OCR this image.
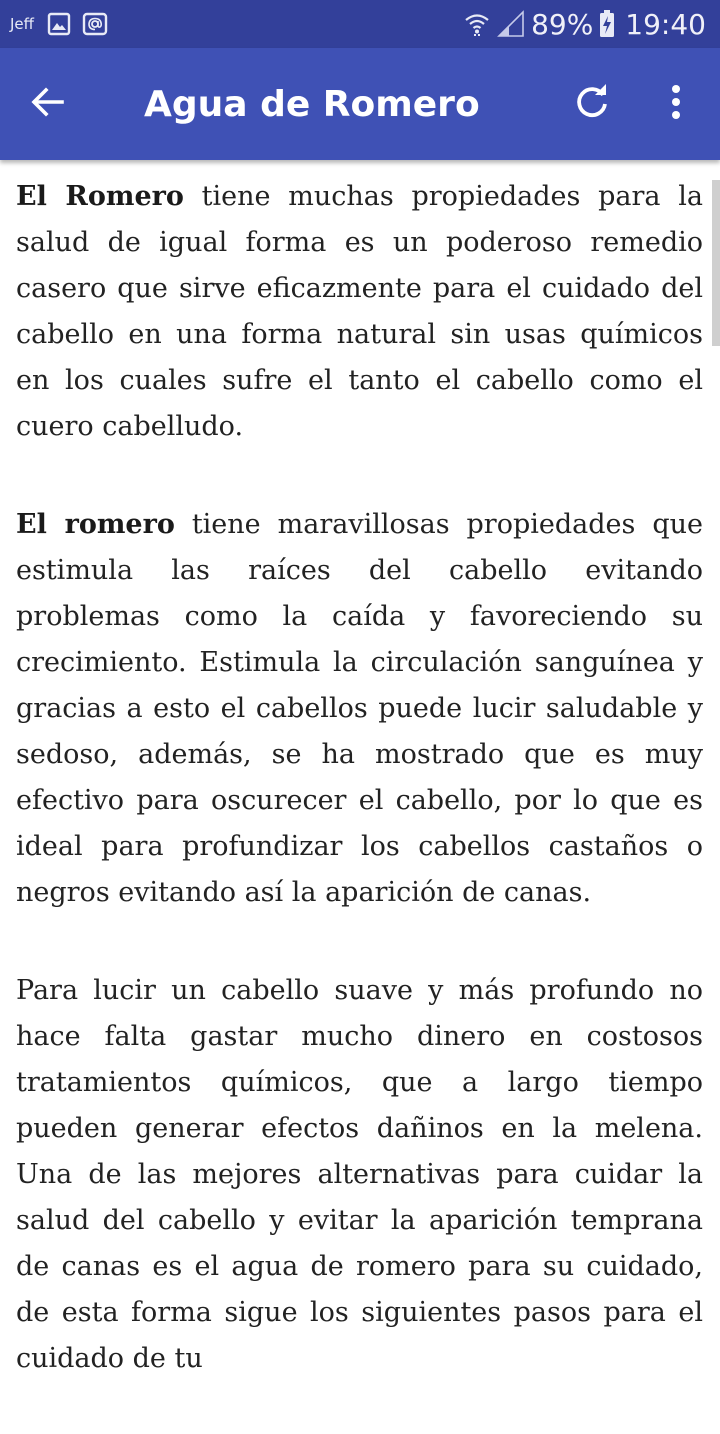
Jeff	89% 19:40
Agua de Romero

El Romero tiene muchas propiedades para la salud de igual forma es un poderoso remedio casero que sirve eficazmente para el cuidado del cabello en una forma natural sin usas químicos en los cuales sufre el tanto el cabello como el cuero cabelludo.

El romero tiene maravillosas propiedades que estimula las raíces del cabello evitando problemas como la caída y favoreciendo su crecimiento. Estimula la circulación sanguínea y gracias a esto el cabellos puede lucir saludable y sedoso, además, se ha mostrado que es muy efectivo para oscurecer el cabello, por lo que es ideal para profundizar los cabellos castaños o negros evitando así la aparición de canas.

Para lucir un cabello suave y más profundo no hace falta gastar mucho dinero en costosos tratamientos químicos, que a largo tiempo pueden generar efectos dañinos en la melena. Una de las mejores alternativas para cuidar la salud del cabello y evitar la aparición temprana de canas es el agua de romero para su cuidado, de esta forma sigue los siguientes pasos para el cuidado de tu
